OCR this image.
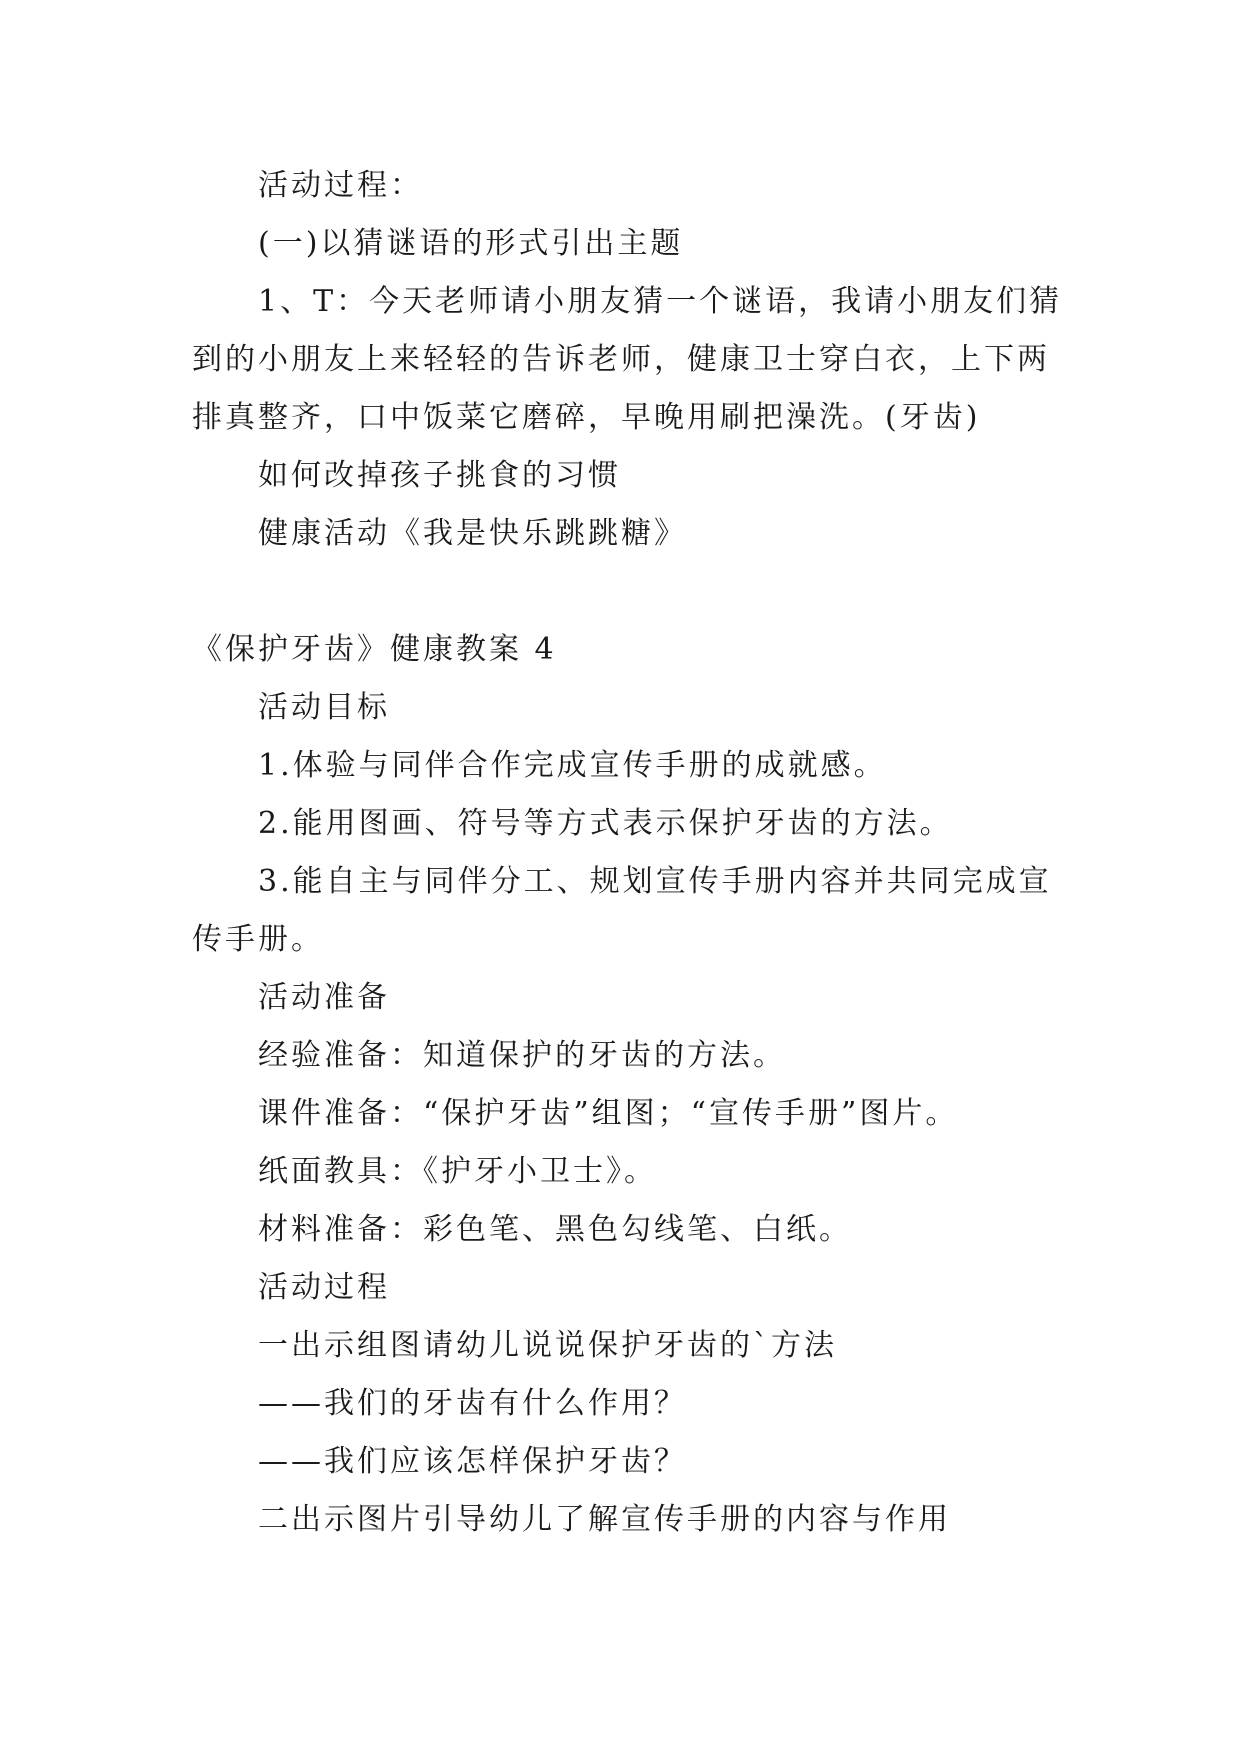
活动过程：
(一)以猜谜语的形式引出主题
1、T：今天老师请小朋友猜一个谜语，我请小朋友们猜
到的小朋友上来轻轻的告诉老师，健康卫士穿白衣，上下两
排真整齐，口中饭菜它磨碎，早晚用刷把澡洗。(牙齿)
如何改掉孩子挑食的习惯
健康活动《我是快乐跳跳糖》
《保护牙齿》健康教案 4
活动目标
1.体验与同伴合作完成宣传手册的成就感。
2.能用图画、符号等方式表示保护牙齿的方法。
3.能自主与同伴分工、规划宣传手册内容并共同完成宣
传手册。
活动准备
经验准备：知道保护的牙齿的方法。
课件准备：“保护牙齿”组图；“宣传手册”图片。
纸面教具：《护牙小卫士》。
材料准备：彩色笔、黑色勾线笔、白纸。
活动过程
一出示组图请幼儿说说保护牙齿的`方法
——我们的牙齿有什么作用？
——我们应该怎样保护牙齿？
二出示图片引导幼儿了解宣传手册的内容与作用
